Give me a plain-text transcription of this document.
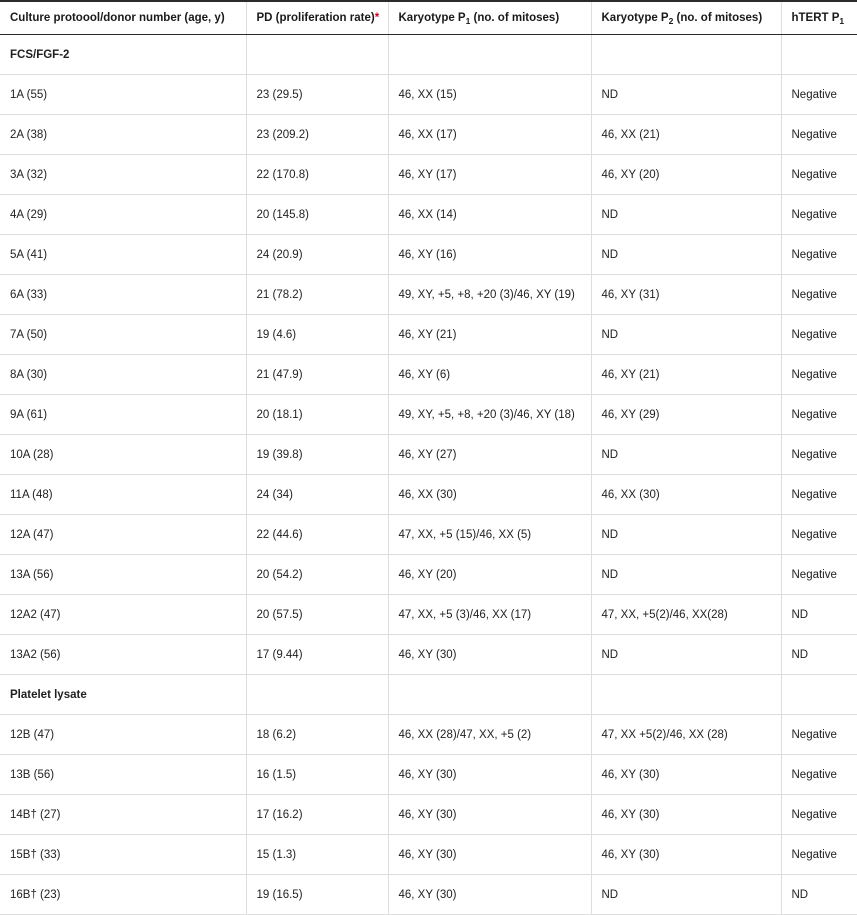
Culture protoool/donor number (age, y)	PD (proliferation rate)*	Karyotype $P_1$ (no. of mitoses)	Karyotype $P_2$ (no. of mitoses)	hTERT $P_1$
FCS/FGF-2				
1A (55)	23 (29.5)	46, XX (15)	ND	Negative
2A (38)	23 (209.2)	46, XX (17)	46, XX (21)	Negative
3A (32)	22 (170.8)	46, XY (17)	46, XY (20)	Negative
4A (29)	20 (145.8)	46, XX (14)	ND	Negative
5A (41)	24 (20.9)	46, XY (16)	ND	Negative
6A (33)	21 (78.2)	49, XY, +5, +8, +20 (3)/46, XY (19)	46, XY (31)	Negative
7A (50)	19 (4.6)	46, XY (21)	ND	Negative
8A (30)	21 (47.9)	46, XY (6)	46, XY (21)	Negative
9A (61)	20 (18.1)	49, XY, +5, +8, +20 (3)/46, XY (18)	46, XY (29)	Negative
10A (28)	19 (39.8)	46, XY (27)	ND	Negative
11A (48)	24 (34)	46, XX (30)	46, XX (30)	Negative
12A (47)	22 (44.6)	47, XX, +5 (15)/46, XX (5)	ND	Negative
13A (56)	20 (54.2)	46, XY (20)	ND	Negative
12A2 (47)	20 (57.5)	47, XX, +5 (3)/46, XX (17)	47, XX, +5(2)/46, XX(28)	ND
13A2 (56)	17 (9.44)	46, XY (30)	ND	ND
Platelet lysate				
12B (47)	18 (6.2)	46, XX (28)/47, XX, +5 (2)	47, XX +5(2)/46, XX (28)	Negative
13B (56)	16 (1.5)	46, XY (30)	46, XY (30)	Negative
14B† (27)	17 (16.2)	46, XY (30)	46, XY (30)	Negative
15B† (33)	15 (1.3)	46, XY (30)	46, XY (30)	Negative
16B† (23)	19 (16.5)	46, XY (30)	ND	ND
